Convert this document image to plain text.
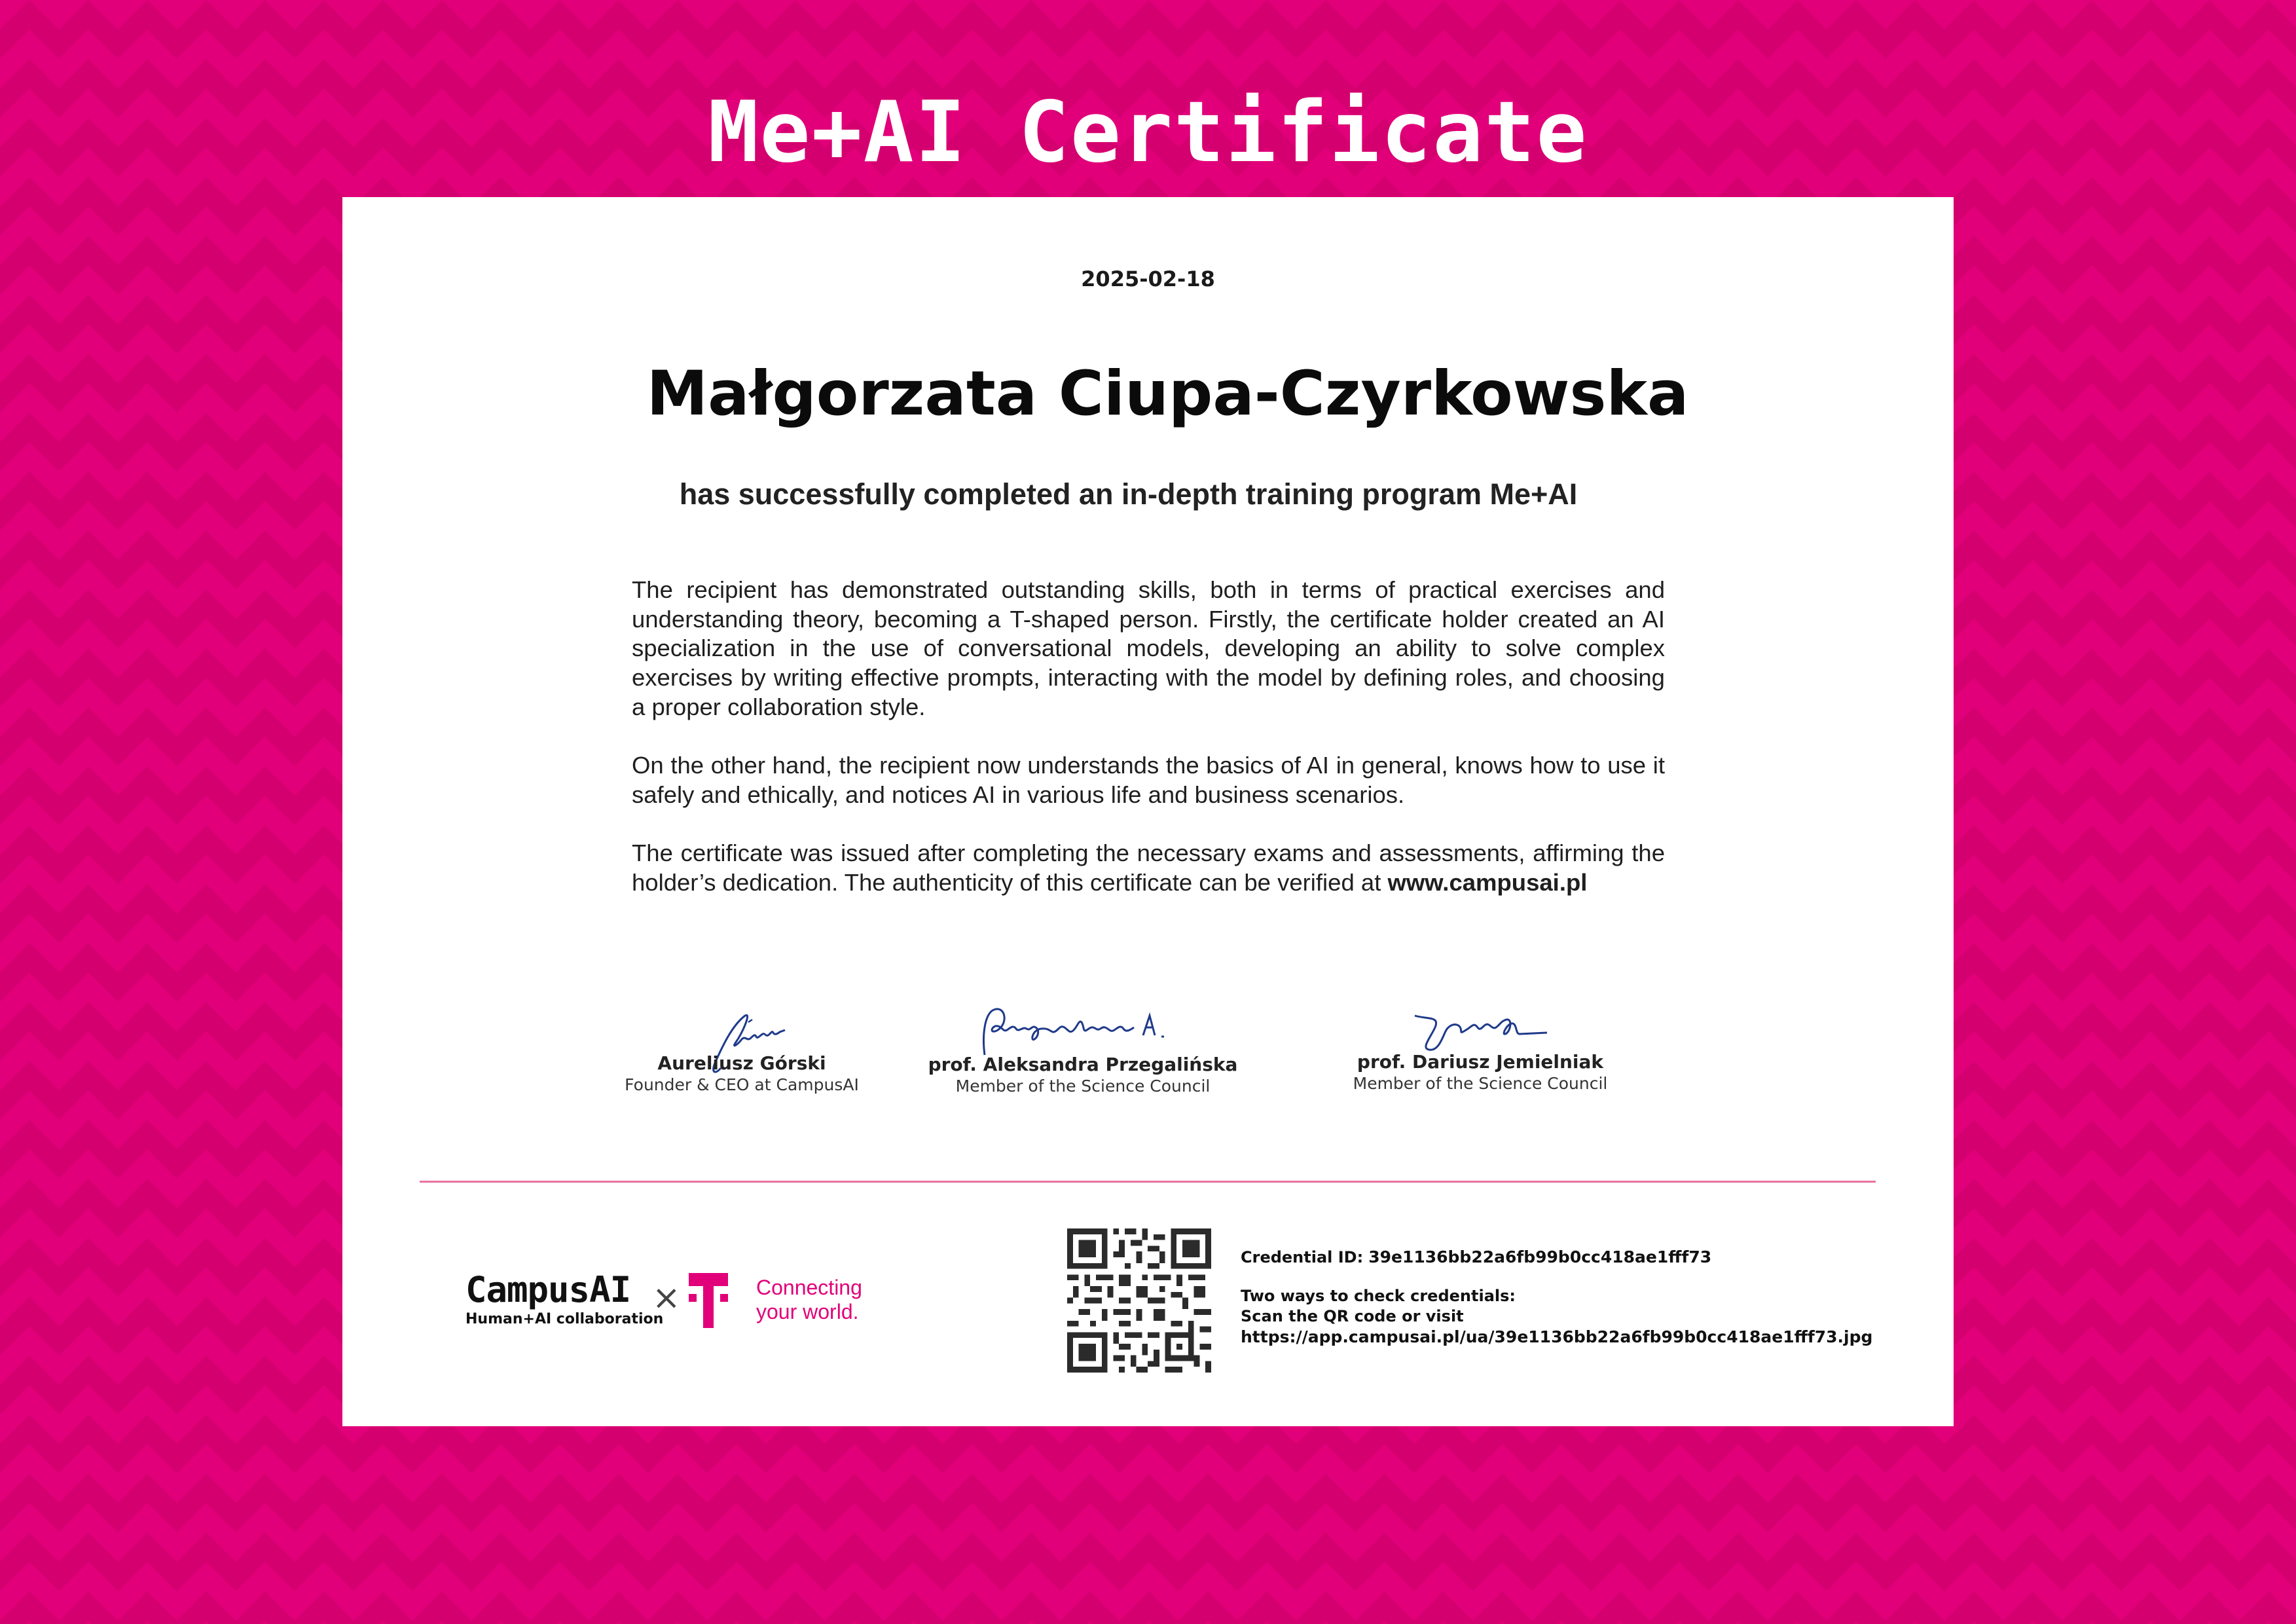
Me+AI Certificate
2025-02-18
Małgorzata Ciupa-Czyrkowska
has successfully completed an in-depth training program Me+AI

The recipient has demonstrated outstanding skills, both in terms of practical exercises and understanding theory, becoming a T-shaped person. Firstly, the certificate holder created an AI specialization in the use of conversational models, developing an ability to solve complex exercises by writing effective prompts, interacting with the model by defining roles, and choosing a proper collaboration style.

On the other hand, the recipient now understands the basics of AI in general, knows how to use it safely and ethically, and notices AI in various life and business scenarios.

The certificate was issued after completing the necessary exams and assessments, affirming the holder’s dedication. The authenticity of this certificate can be verified at www.campusai.pl

Aureliusz Górski
Founder & CEO at CampusAI
prof. Aleksandra Przegalińska
Member of the Science Council
prof. Dariusz Jemielniak
Member of the Science Council
CampusAI
Human+AI collaboration
×	Connecting
your world.
Credential ID: 39e1136bb22a6fb99b0cc418ae1fff73
Two ways to check credentials:
Scan the QR code or visit
https://app.campusai.pl/ua/39e1136bb22a6fb99b0cc418ae1fff73.jpg
